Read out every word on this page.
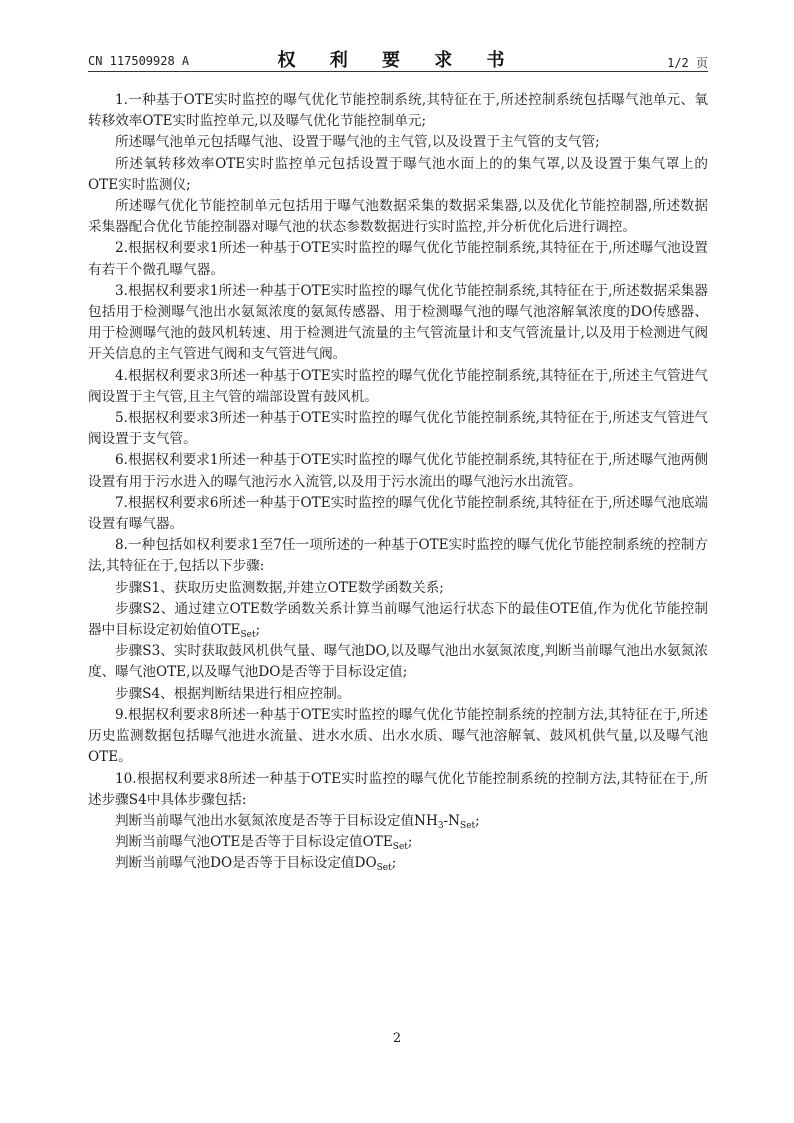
CN 117509928 A	权 利 要 求 书	1/2 页

1.一种基于OTE实时监控的曝气优化节能控制系统,其特征在于,所述控制系统包括曝气池单元、氧转移效率OTE实时监控单元,以及曝气优化节能控制单元;

所述曝气池单元包括曝气池、设置于曝气池的主气管,以及设置于主气管的支气管;

所述氧转移效率OTE实时监控单元包括设置于曝气池水面上的的集气罩,以及设置于集气罩上的OTE实时监测仪;

所述曝气优化节能控制单元包括用于曝气池数据采集的数据采集器,以及优化节能控制器,所述数据采集器配合优化节能控制器对曝气池的状态参数数据进行实时监控,并分析优化后进行调控。

2.根据权利要求1所述一种基于OTE实时监控的曝气优化节能控制系统,其特征在于,所述曝气池设置有若干个微孔曝气器。

3.根据权利要求1所述一种基于OTE实时监控的曝气优化节能控制系统,其特征在于,所述数据采集器包括用于检测曝气池出水氨氮浓度的氨氮传感器、用于检测曝气池的曝气池溶解氧浓度的DO传感器、用于检测曝气池的鼓风机转速、用于检测进气流量的主气管流量计和支气管流量计,以及用于检测进气阀开关信息的主气管进气阀和支气管进气阀。

4.根据权利要求3所述一种基于OTE实时监控的曝气优化节能控制系统,其特征在于,所述主气管进气阀设置于主气管,且主气管的端部设置有鼓风机。

5.根据权利要求3所述一种基于OTE实时监控的曝气优化节能控制系统,其特征在于,所述支气管进气阀设置于支气管。

6.根据权利要求1所述一种基于OTE实时监控的曝气优化节能控制系统,其特征在于,所述曝气池两侧设置有用于污水进入的曝气池污水入流管,以及用于污水流出的曝气池污水出流管。

7.根据权利要求6所述一种基于OTE实时监控的曝气优化节能控制系统,其特征在于,所述曝气池底端设置有曝气器。

8.一种包括如权利要求1至7任一项所述的一种基于OTE实时监控的曝气优化节能控制系统的控制方法,其特征在于,包括以下步骤:

步骤S1、获取历史监测数据,并建立OTE数学函数关系;

步骤S2、通过建立OTE数学函数关系计算当前曝气池运行状态下的最佳OTE值,作为优化节能控制器中目标设定初始值$OTE_{Set}$;

步骤S3、实时获取鼓风机供气量、曝气池DO,以及曝气池出水氨氮浓度,判断当前曝气池出水氨氮浓度、曝气池OTE,以及曝气池DO是否等于目标设定值;

步骤S4、根据判断结果进行相应控制。

9.根据权利要求8所述一种基于OTE实时监控的曝气优化节能控制系统的控制方法,其特征在于,所述历史监测数据包括曝气池进水流量、进水水质、出水水质、曝气池溶解氧、鼓风机供气量,以及曝气池OTE。

10.根据权利要求8所述一种基于OTE实时监控的曝气优化节能控制系统的控制方法,其特征在于,所述步骤S4中具体步骤包括:

判断当前曝气池出水氨氮浓度是否等于目标设定值$NH_3-N_{Set}$;

判断当前曝气池OTE是否等于目标设定值$OTE_{Set}$;

判断当前曝气池DO是否等于目标设定值$DO_{Set}$;

2
